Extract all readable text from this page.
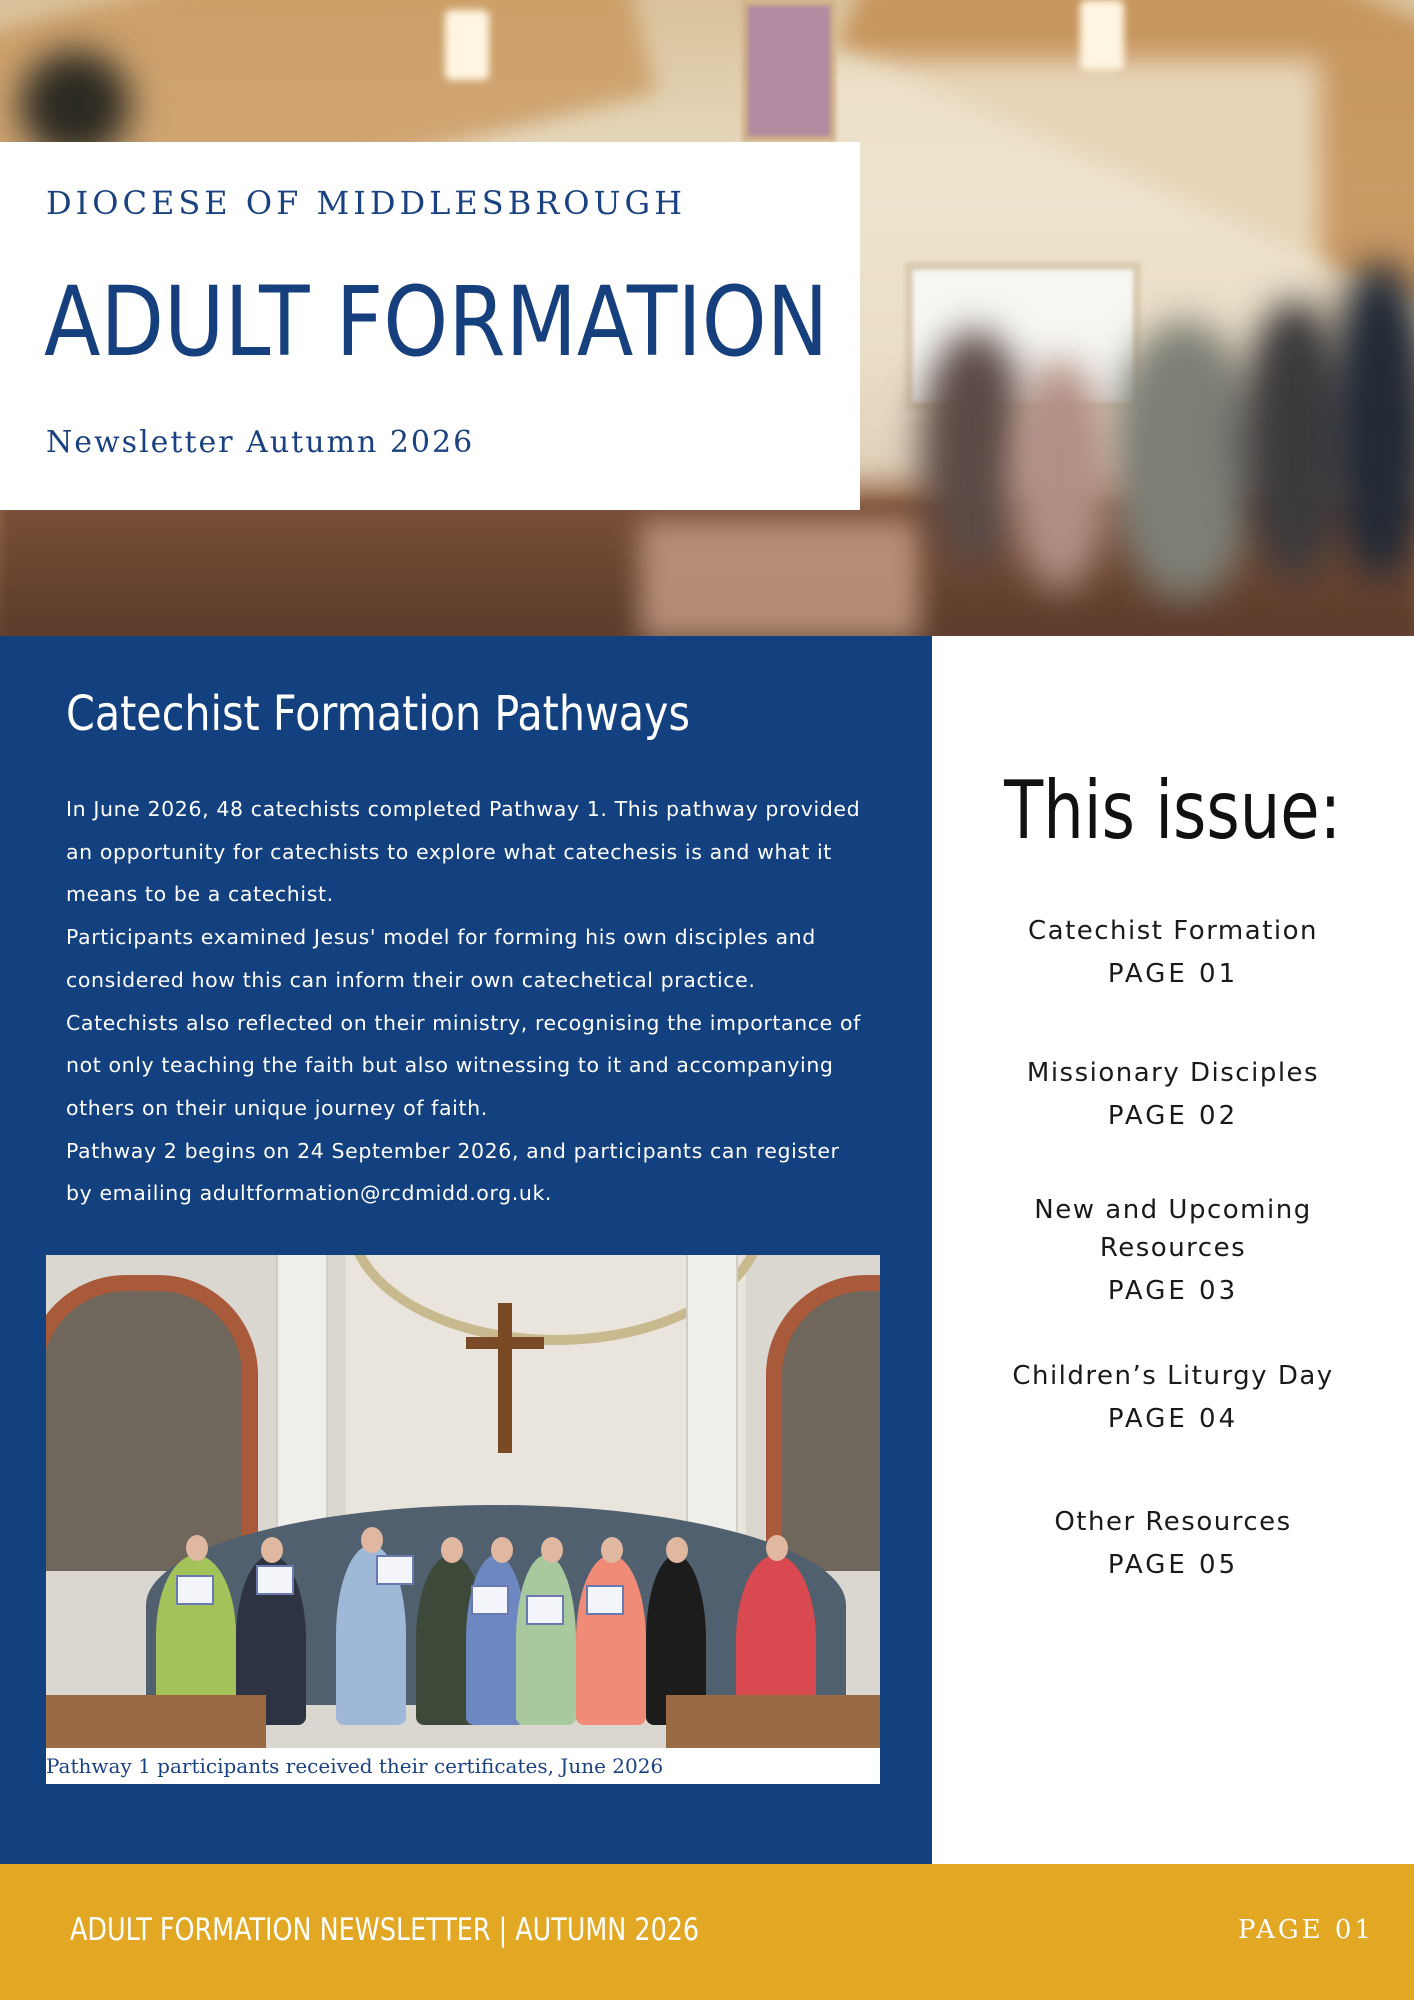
DIOCESE OF MIDDLESBROUGH
ADULT FORMATION
Newsletter Autumn 2026
Catechist Formation Pathways

In June 2026, 48 catechists completed Pathway 1. This pathway provided an opportunity for catechists to explore what catechesis is and what it means to be a catechist.

Participants examined Jesus' model for forming his own disciples and considered how this can inform their own catechetical practice. Catechists also reflected on their ministry, recognising the importance of not only teaching the faith but also witnessing to it and accompanying others on their unique journey of faith.

Pathway 2 begins on 24 September 2026, and participants can register by emailing adultformation@rcdmidd.org.uk.

Pathway 1 participants received their certificates, June 2026
This issue:
Catechist Formation
PAGE 01
Missionary Disciples
PAGE 02
New and Upcoming Resources
PAGE 03
Children’s Liturgy Day
PAGE 04
Other Resources
PAGE 05
ADULT FORMATION NEWSLETTER | AUTUMN 2026	PAGE 01
